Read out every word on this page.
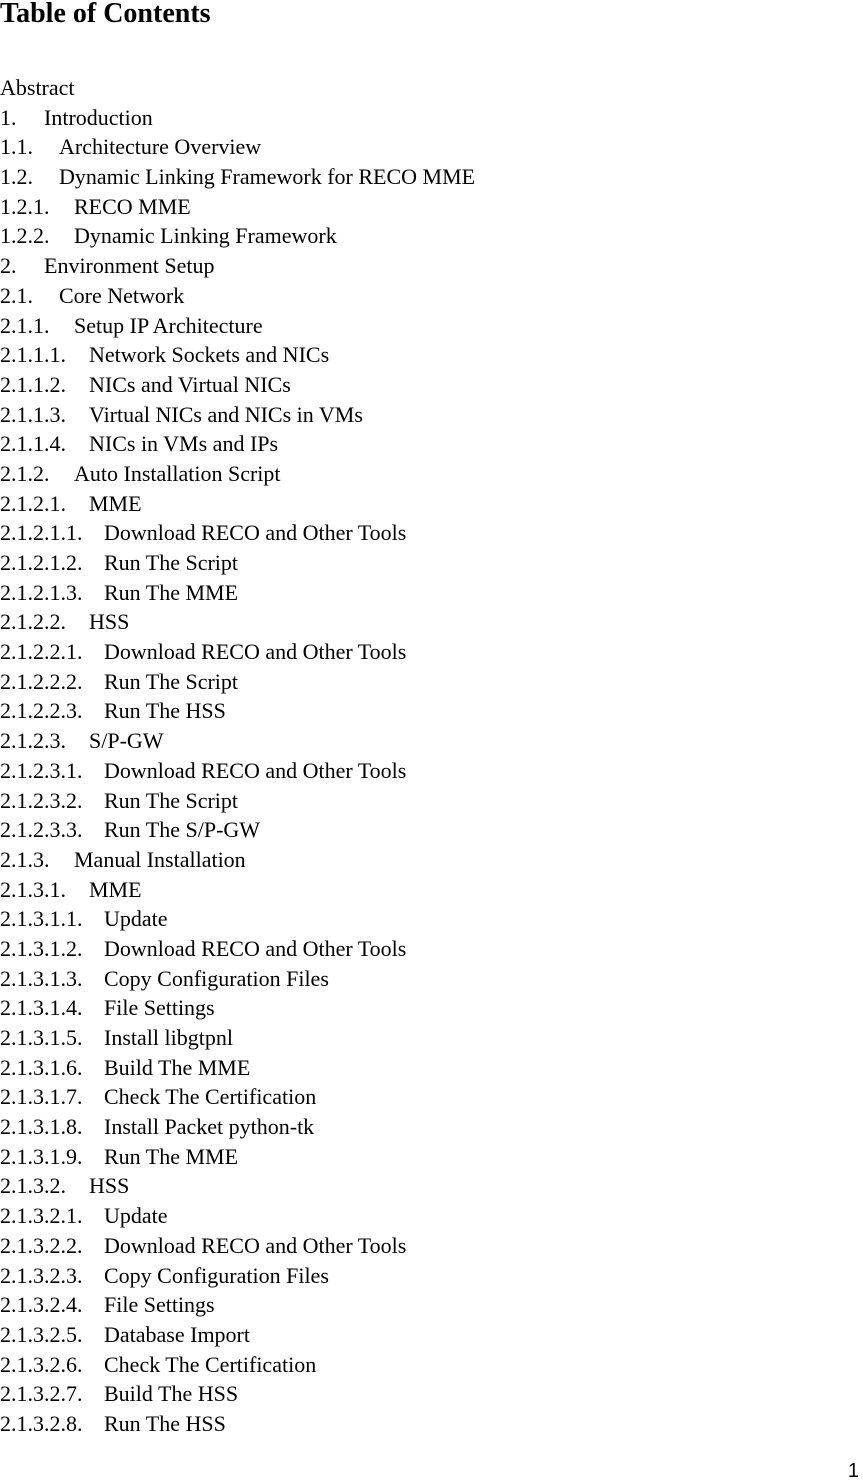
Table of Contents
Abstract
1. Introduction
1.1. Architecture Overview
1.2. Dynamic Linking Framework for RECO MME
1.2.1. RECO MME
1.2.2. Dynamic Linking Framework
2. Environment Setup
2.1. Core Network
2.1.1. Setup IP Architecture
2.1.1.1. Network Sockets and NICs
2.1.1.2. NICs and Virtual NICs
2.1.1.3. Virtual NICs and NICs in VMs
2.1.1.4. NICs in VMs and IPs
2.1.2. Auto Installation Script
2.1.2.1. MME
2.1.2.1.1. Download RECO and Other Tools
2.1.2.1.2. Run The Script
2.1.2.1.3. Run The MME
2.1.2.2. HSS
2.1.2.2.1. Download RECO and Other Tools
2.1.2.2.2. Run The Script
2.1.2.2.3. Run The HSS
2.1.2.3. S/P-GW
2.1.2.3.1. Download RECO and Other Tools
2.1.2.3.2. Run The Script
2.1.2.3.3. Run The S/P-GW
2.1.3. Manual Installation
2.1.3.1. MME
2.1.3.1.1. Update
2.1.3.1.2. Download RECO and Other Tools
2.1.3.1.3. Copy Configuration Files
2.1.3.1.4. File Settings
2.1.3.1.5. Install libgtpnl
2.1.3.1.6. Build The MME
2.1.3.1.7. Check The Certification
2.1.3.1.8. Install Packet python-tk
2.1.3.1.9. Run The MME
2.1.3.2. HSS
2.1.3.2.1. Update
2.1.3.2.2. Download RECO and Other Tools
2.1.3.2.3. Copy Configuration Files
2.1.3.2.4. File Settings
2.1.3.2.5. Database Import
2.1.3.2.6. Check The Certification
2.1.3.2.7. Build The HSS
2.1.3.2.8. Run The HSS
1
